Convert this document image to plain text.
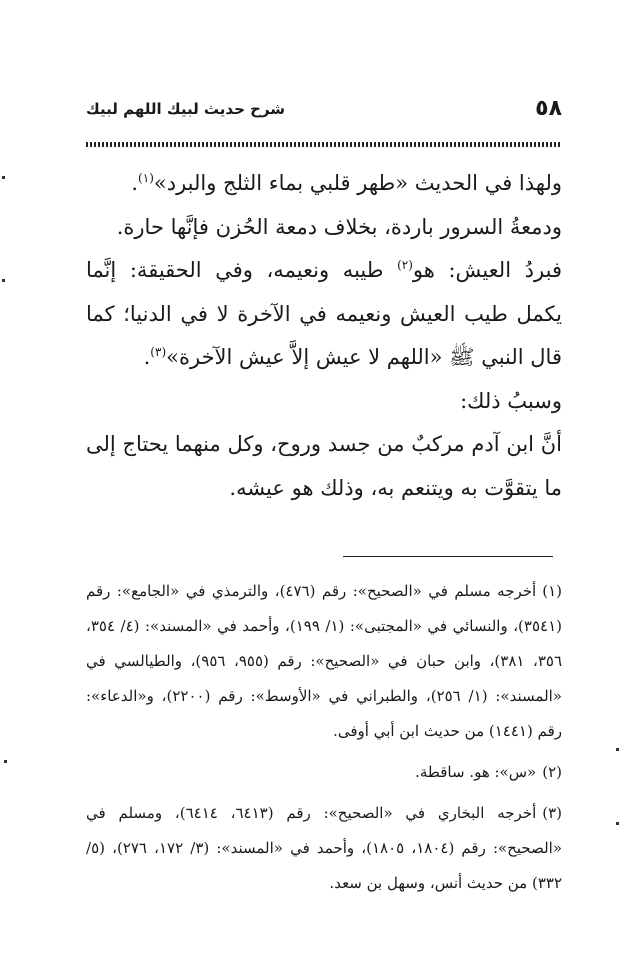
٥٨
شرح حديث لبيك اللهم لبيك

ولهذا في الحديث «طهر قلبي بماء الثلج والبرد»$^{(١)}$.

ودمعةُ السرور باردة، بخلاف دمعة الحُزن فإنَّها حارة.

فبردُ العيش: هو$^{(٢)}$ طيبه ونعيمه، وفي الحقيقة: إنَّما يكمل طيب العيش ونعيمه في الآخرة لا في الدنيا؛ كما قال النبي ﷺ «اللهم لا عيش إلاَّ عيش الآخرة»$^{(٣)}$.

وسببُ ذلك:

أنَّ ابن آدم مركبٌ من جسد وروح، وكل منهما يحتاج إلى ما يتقوَّت به ويتنعم به، وذلك هو عيشه.

(١)أخرجه مسلم في «الصحيح»: رقم (٤٧٦)، والترمذي في «الجامع»: رقم (٣٥٤١)، والنسائي في «المجتبى»: (١/ ١٩٩)، وأحمد في «المسند»: (٤/ ٣٥٤، ٣٥٦، ٣٨١)، وابن حبان في «الصحيح»: رقم (٩٥٥، ٩٥٦)، والطيالسي في «المسند»: (١/ ٢٥٦)، والطبراني في «الأوسط»: رقم (٢٢٠٠)، و«الدعاء»: رقم (١٤٤١) من حديث ابن أبي أوفى.

(٢)«س»: هو. ساقطة.

(٣)أخرجه البخاري في «الصحيح»: رقم (٦٤١٣، ٦٤١٤)، ومسلم في «الصحيح»: رقم (١٨٠٤، ١٨٠٥)، وأحمد في «المسند»: (٣/ ١٧٢، ٢٧٦)، (٥/ ٣٣٢) من حديث أنس، وسهل بن سعد.
